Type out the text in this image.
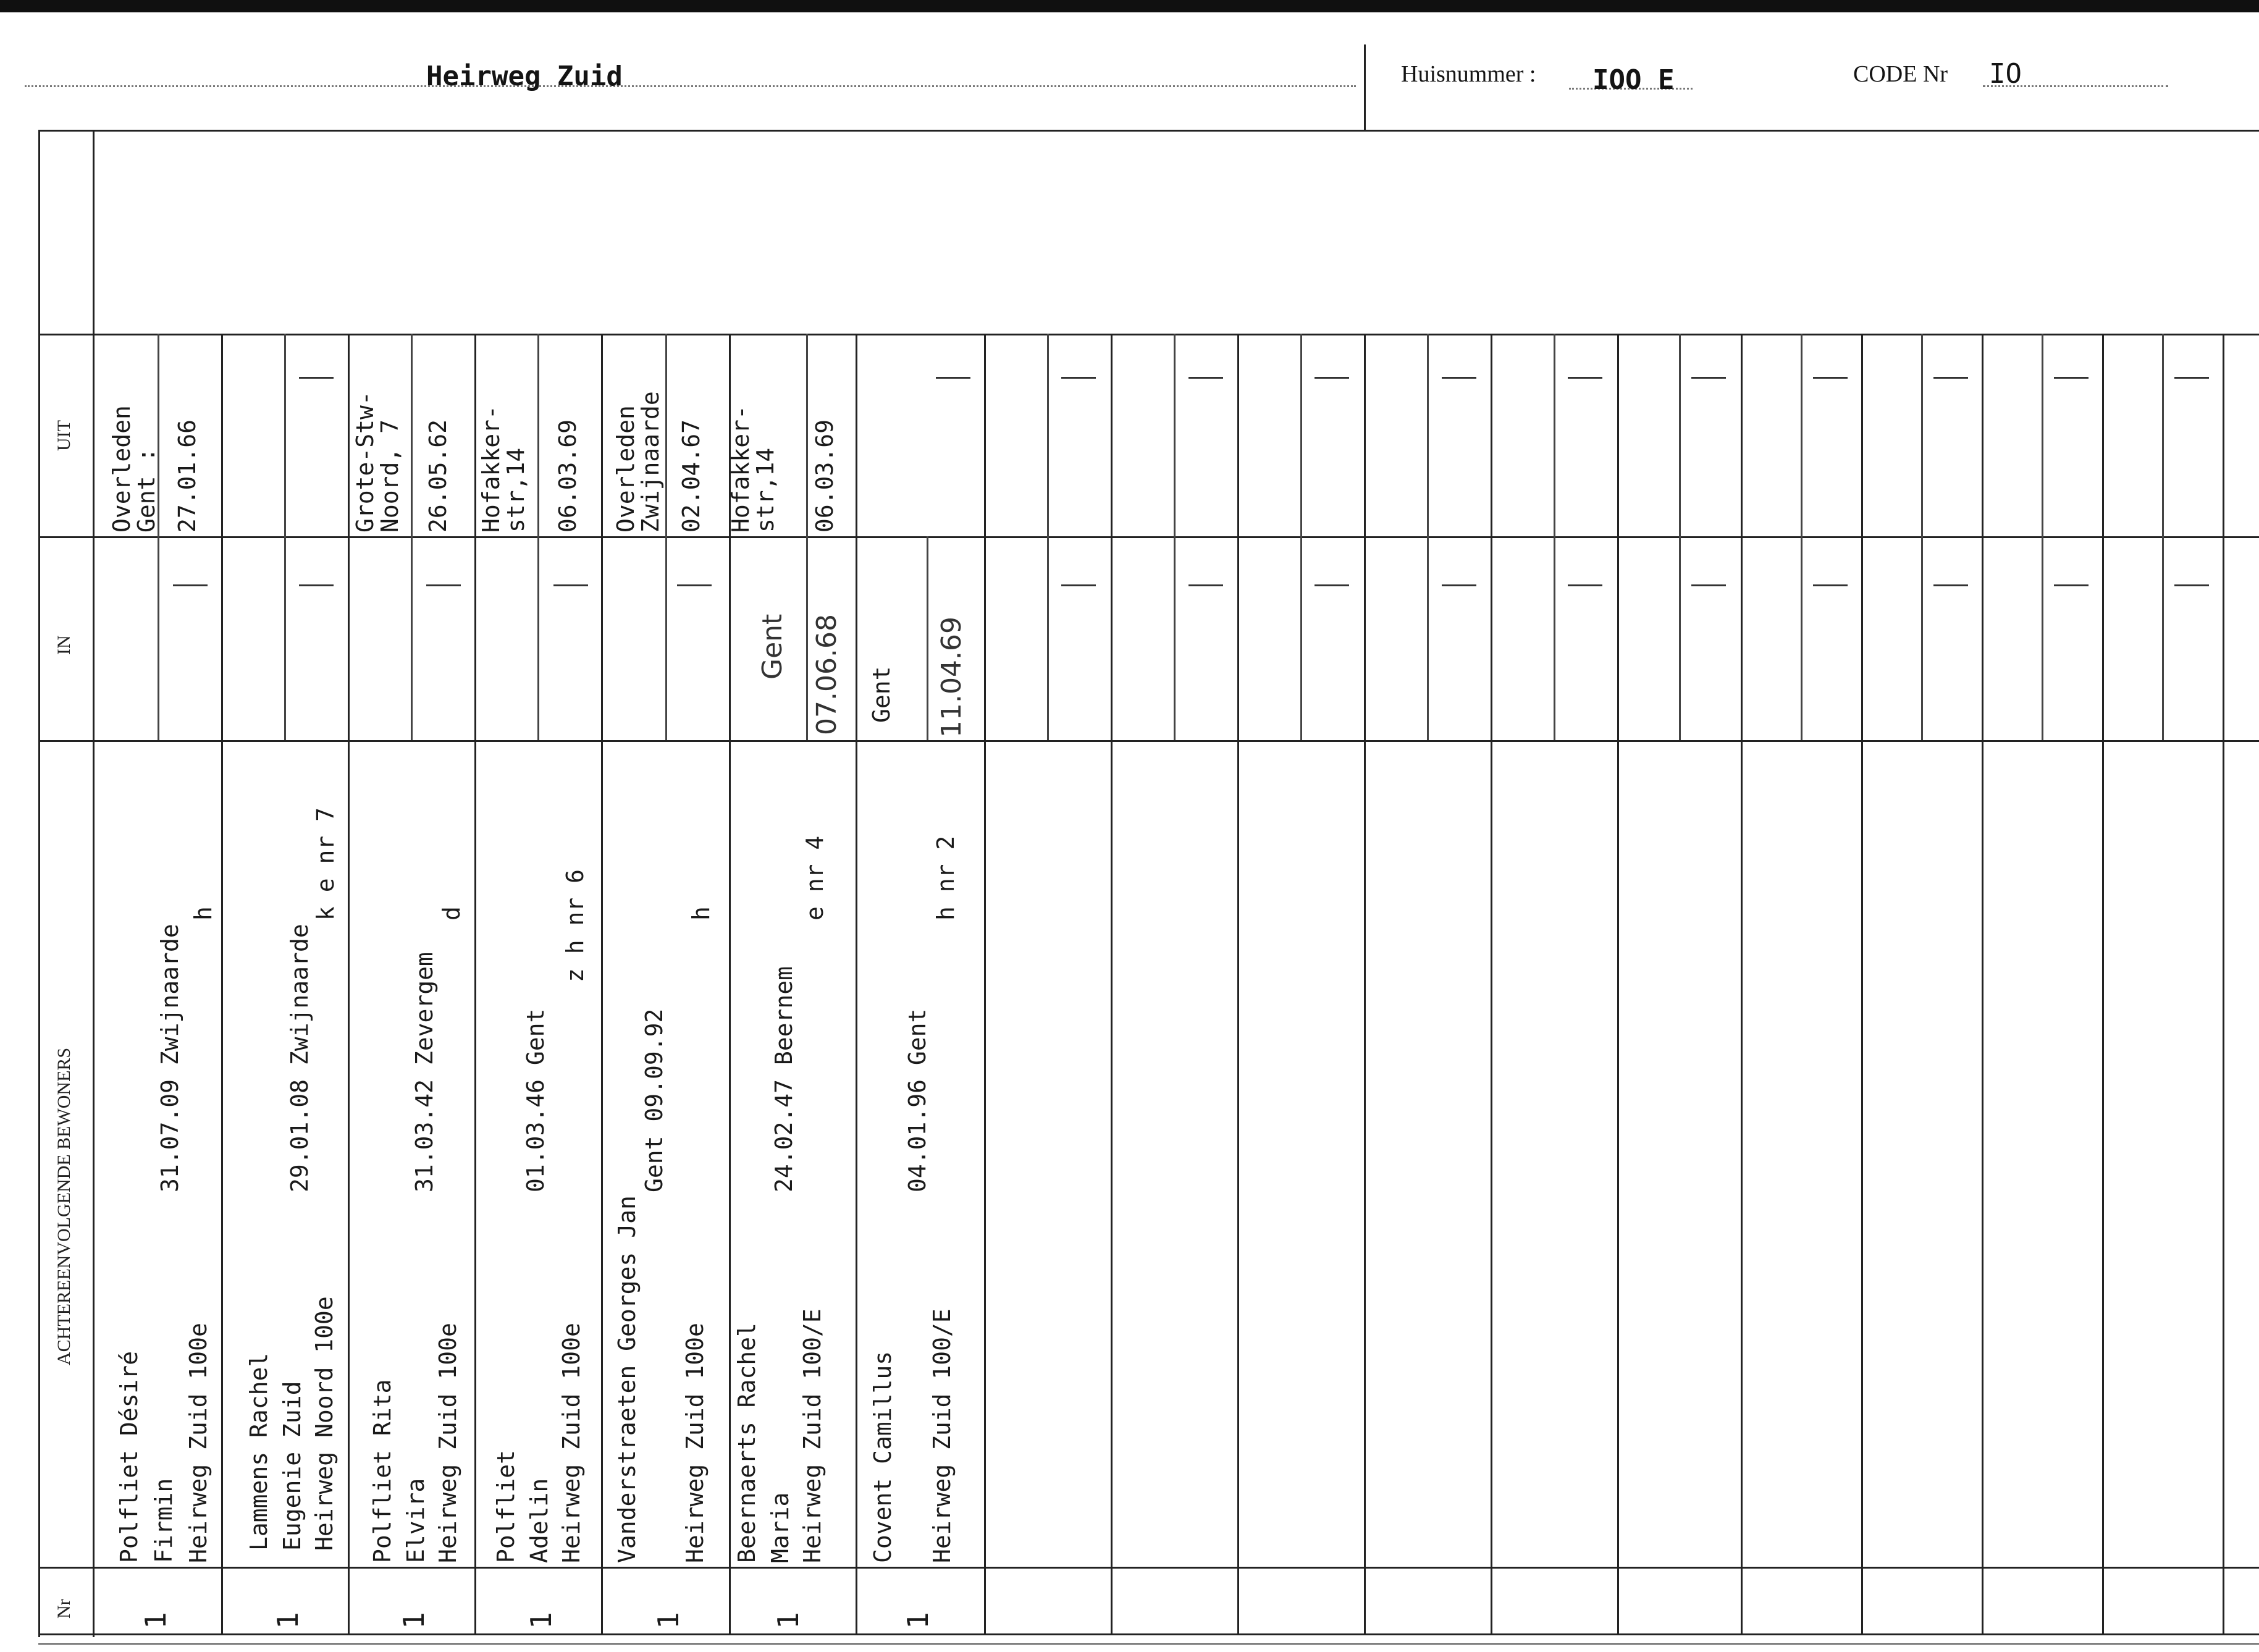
Heirweg Zuid	Huisnummer : IOO E	CODE Nr IO
UIT
IN
ACHTEREENVOLGENDE BEWONERS
Nr
1
Polfliet Désiré Firmin Heirweg Zuid 100e
31.07.09 Zwijnaarde
h
Overleden
Gent : 27.01.66
1
Lammens Rachel Eugenie Zuid Heirweg Noord 100e
29.01.08 Zwijnaarde
k e nr 7
1
Polfliet Rita Elvira Heirweg Zuid 100e
31.03.42 Zevergem
d
Grote-Stw-
Noord, 7 26.05.62
1
Polfliet Adelin Heirweg Zuid 100e
01.03.46 Gent
z h nr 6
Hofakker-
str,14 06.03.69
1
Vanderstraeten Georges Jan
Gent 09.09.92
Heirweg Zuid 100e
h
Overleden
Zwijnaarde 02.04.67
1
Beernaerts Rachel Maria Heirweg Zuid 100/E
24.02.47 Beernem
e nr 4
Gent 07.06.68
Hofakker-
str,14 06.03.69
1
Covent Camillus Heirweg Zuid 100/E
04.01.96 Gent
h nr 2
Gent 11.04.69
